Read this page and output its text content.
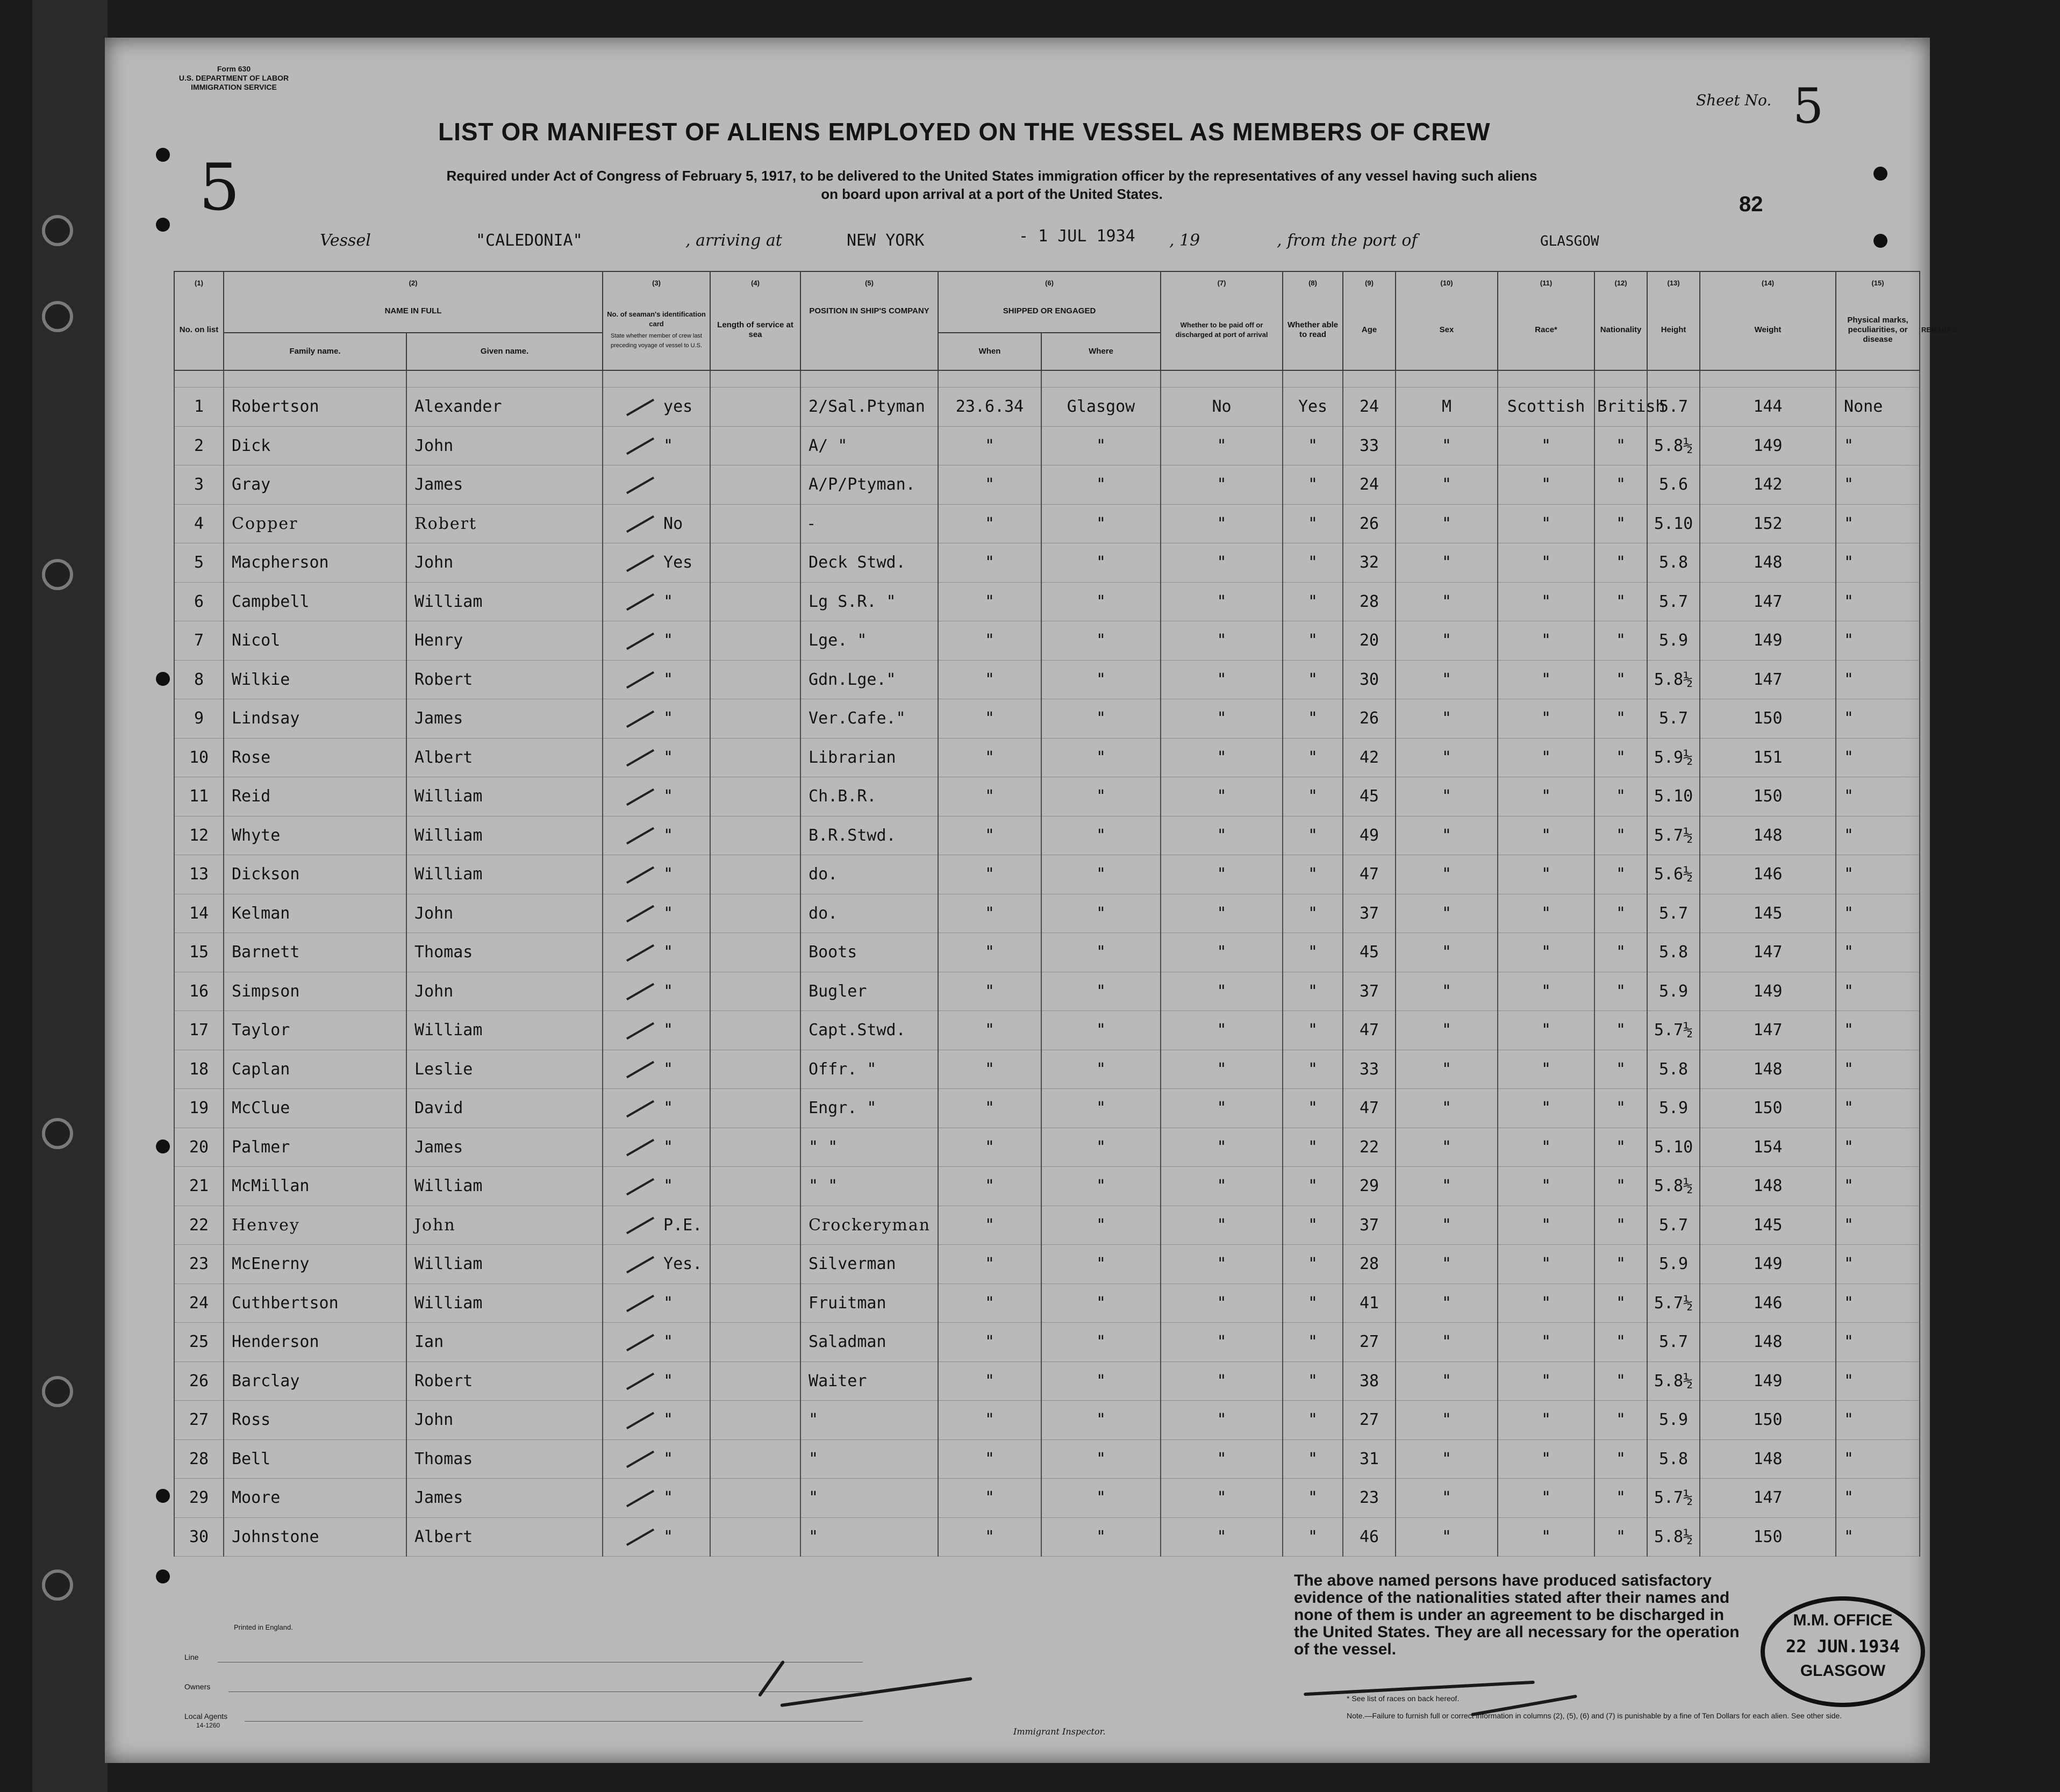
Form 630
U.S. DEPARTMENT OF LABOR
IMMIGRATION SERVICE
5
LIST OR MANIFEST OF ALIENS EMPLOYED ON THE VESSEL AS MEMBERS OF CREW
Required under Act of Congress of February 5, 1917, to be delivered to the United States immigration officer by the representatives of any vessel having such aliens
on board upon arrival at a port of the United States.
Sheet No. 5
82
Vessel	"CALEDONIA"	, arriving at	NEW YORK	- 1 JUL 1934 , 19	, from the port of	GLASGOW
(1)	(2)		(3)	(4)	(5)	(6)		(7)	(8)	(9)	(10)	(11)	(12)	(13)	(14)	(15)	
No. on list	NAME IN FULL		No. of seaman's identification card
State whether member of crew last preceding voyage of vessel to U.S.	Length of service at sea	POSITION IN SHIP'S COMPANY	SHIPPED OR ENGAGED		Whether to be paid off or discharged at port of arrival	Whether able to read	Age	Sex	Race*	Nationality	Height	Weight	Physical marks, peculiarities, or disease	REMARKS
	Family name.	Given name.				When	Where										

1	Robertson	Alexander	yes		2/Sal.Ptyman	23.6.34	Glasgow	No	Yes	24	M	Scottish	British	5.7	144	None	
2	Dick	John	"		A/ "	"	"	"	"	33	"	"	"	5.8½	149	"	
3	Gray	James			A/P/Ptyman.	"	"	"	"	24	"	"	"	5.6	142	"	
4	Copper	Robert	No		-	"	"	"	"	26	"	"	"	5.10	152	"	
5	Macpherson	John	Yes		Deck Stwd.	"	"	"	"	32	"	"	"	5.8	148	"	
6	Campbell	William	"		Lg S.R. "	"	"	"	"	28	"	"	"	5.7	147	"	
7	Nicol	Henry	"		Lge. "	"	"	"	"	20	"	"	"	5.9	149	"	
8	Wilkie	Robert	"		Gdn.Lge."	"	"	"	"	30	"	"	"	5.8½	147	"	
9	Lindsay	James	"		Ver.Cafe."	"	"	"	"	26	"	"	"	5.7	150	"	
10	Rose	Albert	"		Librarian	"	"	"	"	42	"	"	"	5.9½	151	"	
11	Reid	William	"		Ch.B.R.	"	"	"	"	45	"	"	"	5.10	150	"	
12	Whyte	William	"		B.R.Stwd.	"	"	"	"	49	"	"	"	5.7½	148	"	
13	Dickson	William	"		do.	"	"	"	"	47	"	"	"	5.6½	146	"	
14	Kelman	John	"		do.	"	"	"	"	37	"	"	"	5.7	145	"	
15	Barnett	Thomas	"		Boots	"	"	"	"	45	"	"	"	5.8	147	"	
16	Simpson	John	"		Bugler	"	"	"	"	37	"	"	"	5.9	149	"	
17	Taylor	William	"		Capt.Stwd.	"	"	"	"	47	"	"	"	5.7½	147	"	
18	Caplan	Leslie	"		Offr. "	"	"	"	"	33	"	"	"	5.8	148	"	
19	McClue	David	"		Engr. "	"	"	"	"	47	"	"	"	5.9	150	"	
20	Palmer	James	"		" "	"	"	"	"	22	"	"	"	5.10	154	"	
21	McMillan	William	"		" "	"	"	"	"	29	"	"	"	5.8½	148	"	
22	Henvey	John	P.E.		Crockeryman	"	"	"	"	37	"	"	"	5.7	145	"	
23	McEnerny	William	Yes.		Silverman	"	"	"	"	28	"	"	"	5.9	149	"	
24	Cuthbertson	William	"		Fruitman	"	"	"	"	41	"	"	"	5.7½	146	"	
25	Henderson	Ian	"		Saladman	"	"	"	"	27	"	"	"	5.7	148	"	
26	Barclay	Robert	"		Waiter	"	"	"	"	38	"	"	"	5.8½	149	"	
27	Ross	John	"		"	"	"	"	"	27	"	"	"	5.9	150	"	
28	Bell	Thomas	"		"	"	"	"	"	31	"	"	"	5.8	148	"	
29	Moore	James	"		"	"	"	"	"	23	"	"	"	5.7½	147	"	
30	Johnstone	Albert	"		"	"	"	"	"	46	"	"	"	5.8½	150	"	
The above named persons have produced satisfactory evidence of the nationalities stated after their names and none of them is under an agreement to be discharged in the United States. They are all necessary for the operation of the vessel.
M.M. OFFICE
22 JUN.1934
GLASGOW
Printed in England.
Line
Owners
Local Agents
14-1260
Immigrant Inspector.
* See list of races on back hereof.
Note.—Failure to furnish full or correct information in columns (2), (5), (6) and (7) is punishable by a fine of Ten Dollars for each alien. See other side.
